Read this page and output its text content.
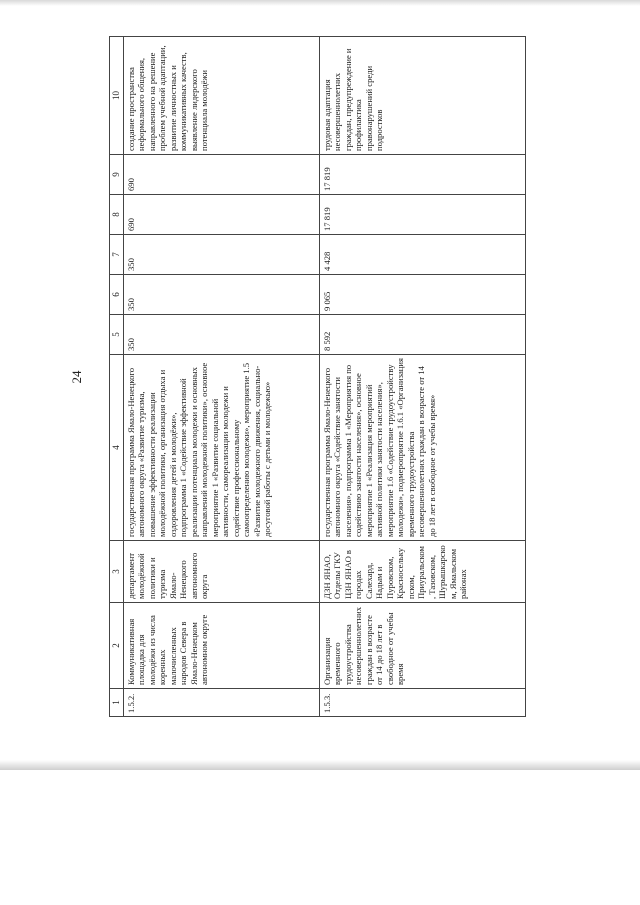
24
1	2	3	4	5	6	7	8	9	10
1.5.2.	Коммуникативная площадка для молодёжи из числа коренных малочисленных народов Севера в Ямало-Ненецком автономном округе	департамент молодёжной политики и туризма Ямало-Ненецкого автономного округа	государственная программа Ямало-Ненецкого автономного округа «Развитие туризма, повышение эффективности реализации молодёжной политики, организация отдыха и оздоровления детей и молодёжи», подпрограмма 1 «Содействие эффективной реализации потенциала молодежи и основных направлений молодежной политики», основное мероприятие 1 «Развитие социальной активности, самореализации молодежи и содействие профессиональному самоопределению молодежи», мероприятие 1.5 «Развитие молодежного движения, социально-досуговой работы с детьми и молодежью»	350	350	350	690	690	создание пространства неформального общения, направленного на решение проблем учебной адаптации, развитие личностных и коммуникативных качеств, выявление лидерского потенциала молодёжи
1.5.3.	Организация временного трудоустройства несовершеннолетних граждан в возрасте от 14 до 18 лет в свободное от учебы время	ДЗН ЯНАО, Отделы ГКУ ЦЗН ЯНАО в городах Салехард, Надым и Пуровском, Красноселькупском, Приуральском, Тазовском, Шурышкарском, Ямальском районах	государственная программа Ямало-Ненецкого автономного округа «Содействие занятости населения», подпрограмма 1 «Мероприятия по содействию занятости населения», основное мероприятие 1 «Реализация мероприятий активной политики занятости населения», мероприятие 1.6 «Содействие трудоустройству молодежи», подмероприятие 1.6.1 «Организация временного трудоустройства несовершеннолетних граждан в возрасте от 14 до 18 лет в свободное от учебы время»	8 592	9 065	4 428	17 819	17 819	трудовая адаптация несовершеннолетних граждан, предупреждение и профилактика правонарушений среди подростков
